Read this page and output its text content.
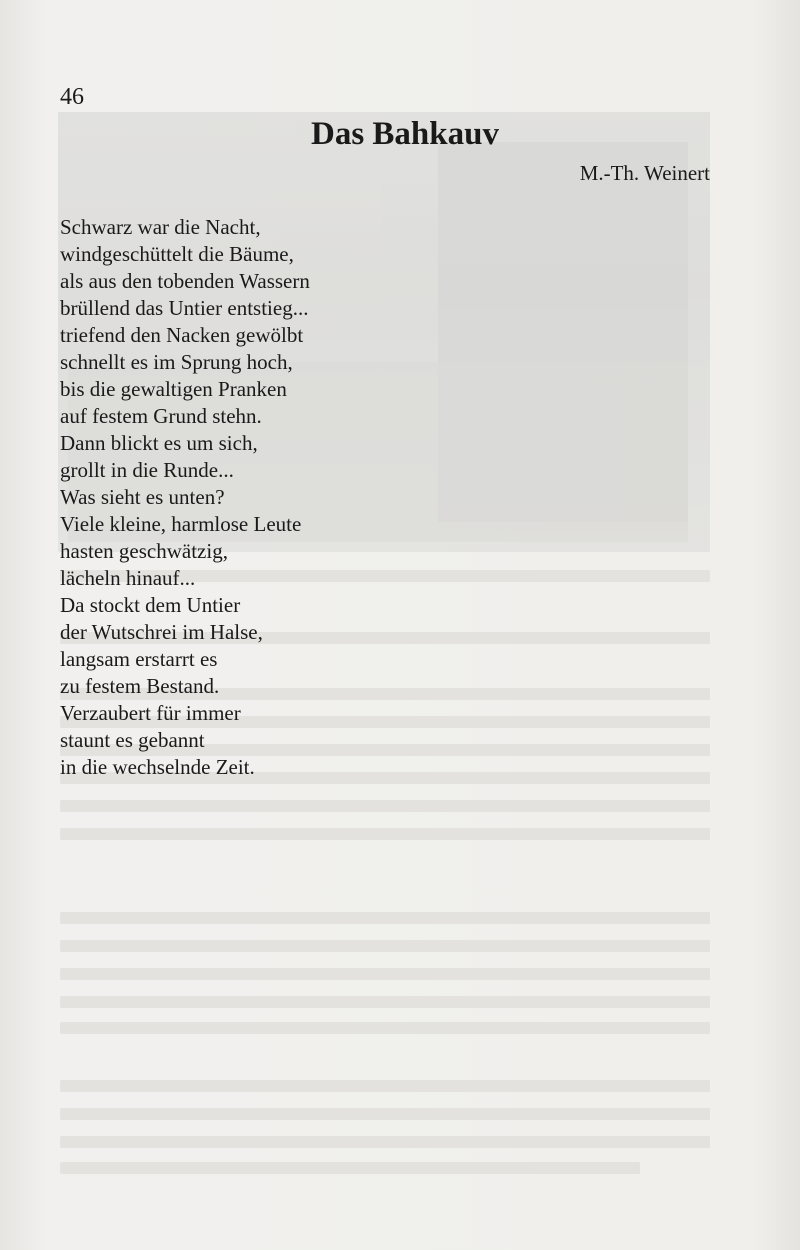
46
Das Bahkauv
M.-Th. Weinert
Schwarz war die Nacht,
windgeschüttelt die Bäume,
als aus den tobenden Wassern
brüllend das Untier entstieg...
triefend den Nacken gewölbt
schnellt es im Sprung hoch,
bis die gewaltigen Pranken
auf festem Grund stehn.
Dann blickt es um sich,
grollt in die Runde...
Was sieht es unten?
Viele kleine, harmlose Leute
hasten geschwätzig,
lächeln hinauf...
Da stockt dem Untier
der Wutschrei im Halse,
langsam erstarrt es
zu festem Bestand.
Verzaubert für immer
staunt es gebannt
in die wechselnde Zeit.
